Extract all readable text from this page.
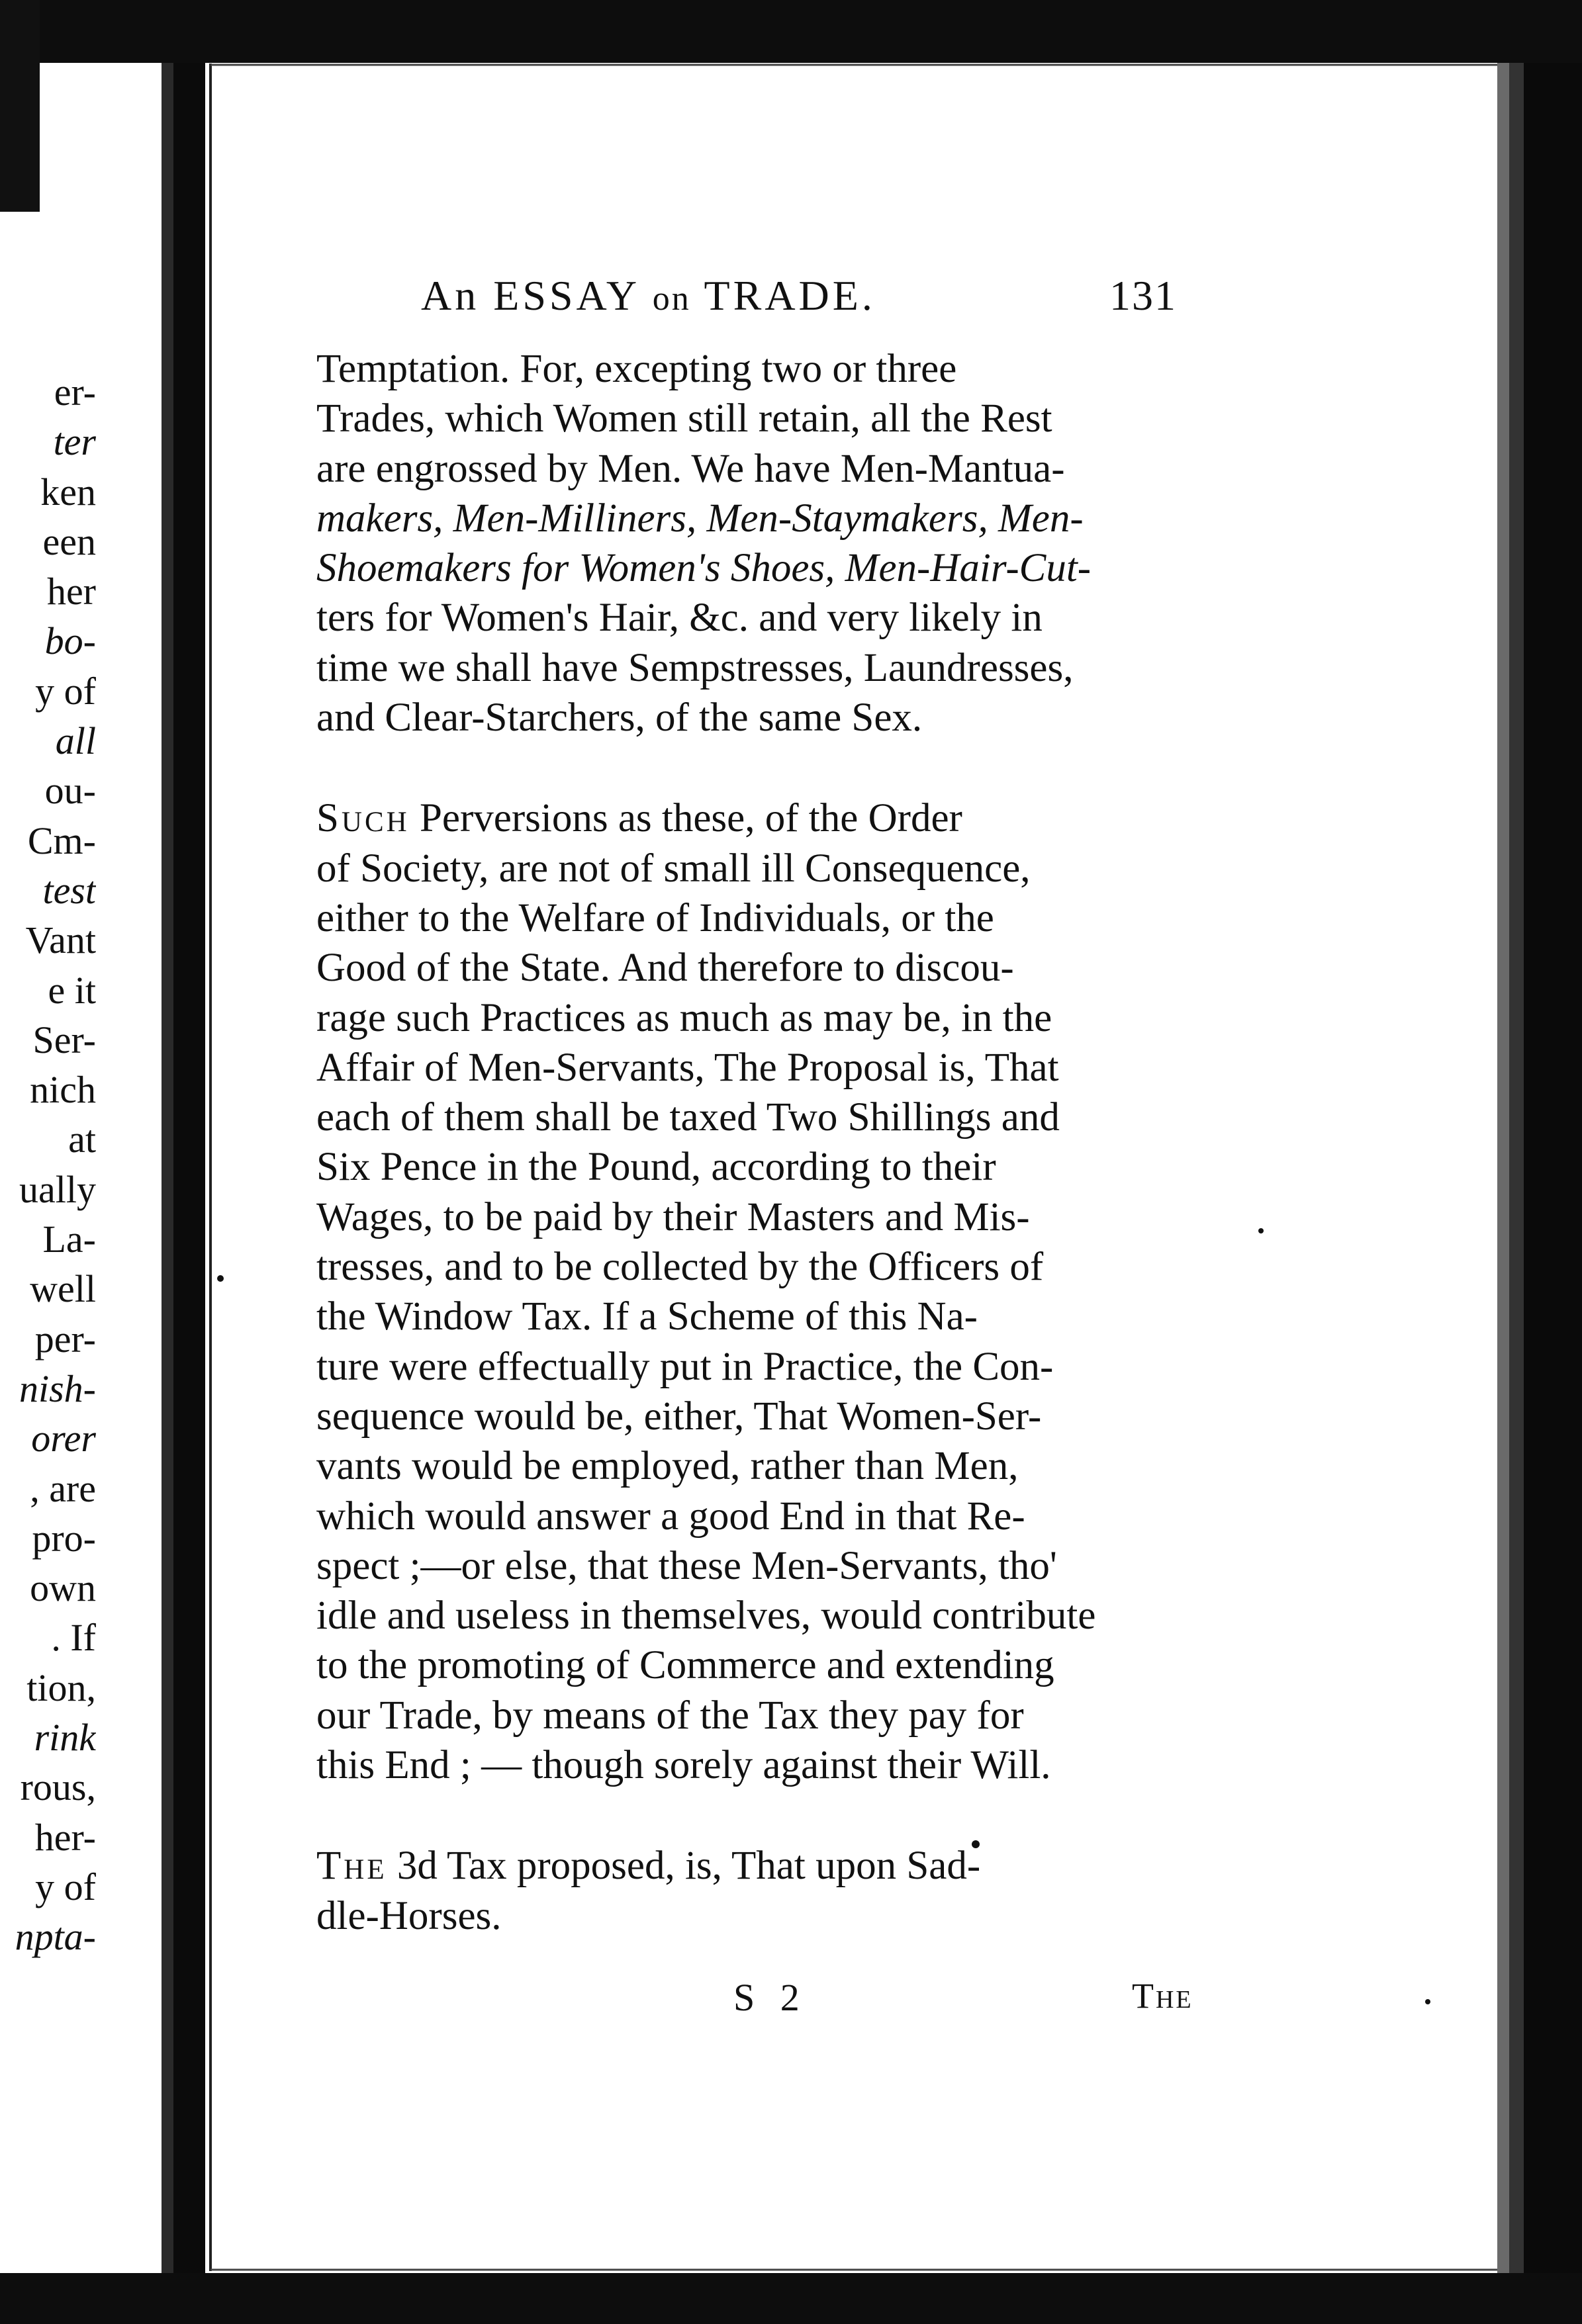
er-
ter
ken
een
her
bo-
y of
all
ou-
Cm-
test
Vant
e it
Ser-
nich
at
ually
La-
well
per-
nish-
orer
, are
pro-
own
. If
tion,
rink
rous,
her-
y of
npta-
An ESSAY on TRADE.	131

Temptation. For, excepting two or three
Trades, which Women still retain, all the Rest
are engrossed by Men. We have Men-Mantua-
makers, Men-Milliners, Men-Staymakers, Men-
Shoemakers for Women's Shoes, Men-Hair-Cut-
ters for Women's Hair, &c. and very likely in
time we shall have Sempstresses, Laundresses,
and Clear-Starchers, of the same Sex.

Such Perversions as these, of the Order
of Society, are not of small ill Consequence,
either to the Welfare of Individuals, or the
Good of the State. And therefore to discou-
rage such Practices as much as may be, in the
Affair of Men-Servants, The Proposal is, That
each of them shall be taxed Two Shillings and
Six Pence in the Pound, according to their
Wages, to be paid by their Masters and Mis-
tresses, and to be collected by the Officers of
the Window Tax. If a Scheme of this Na-
ture were effectually put in Practice, the Con-
sequence would be, either, That Women-Ser-
vants would be employed, rather than Men,
which would answer a good End in that Re-
spect ;—or else, that these Men-Servants, tho'
idle and useless in themselves, would contribute
to the promoting of Commerce and extending
our Trade, by means of the Tax they pay for
this End ; — though sorely against their Will.

The 3d Tax proposed, is, That upon Sad-
dle-Horses.

S 2	The
